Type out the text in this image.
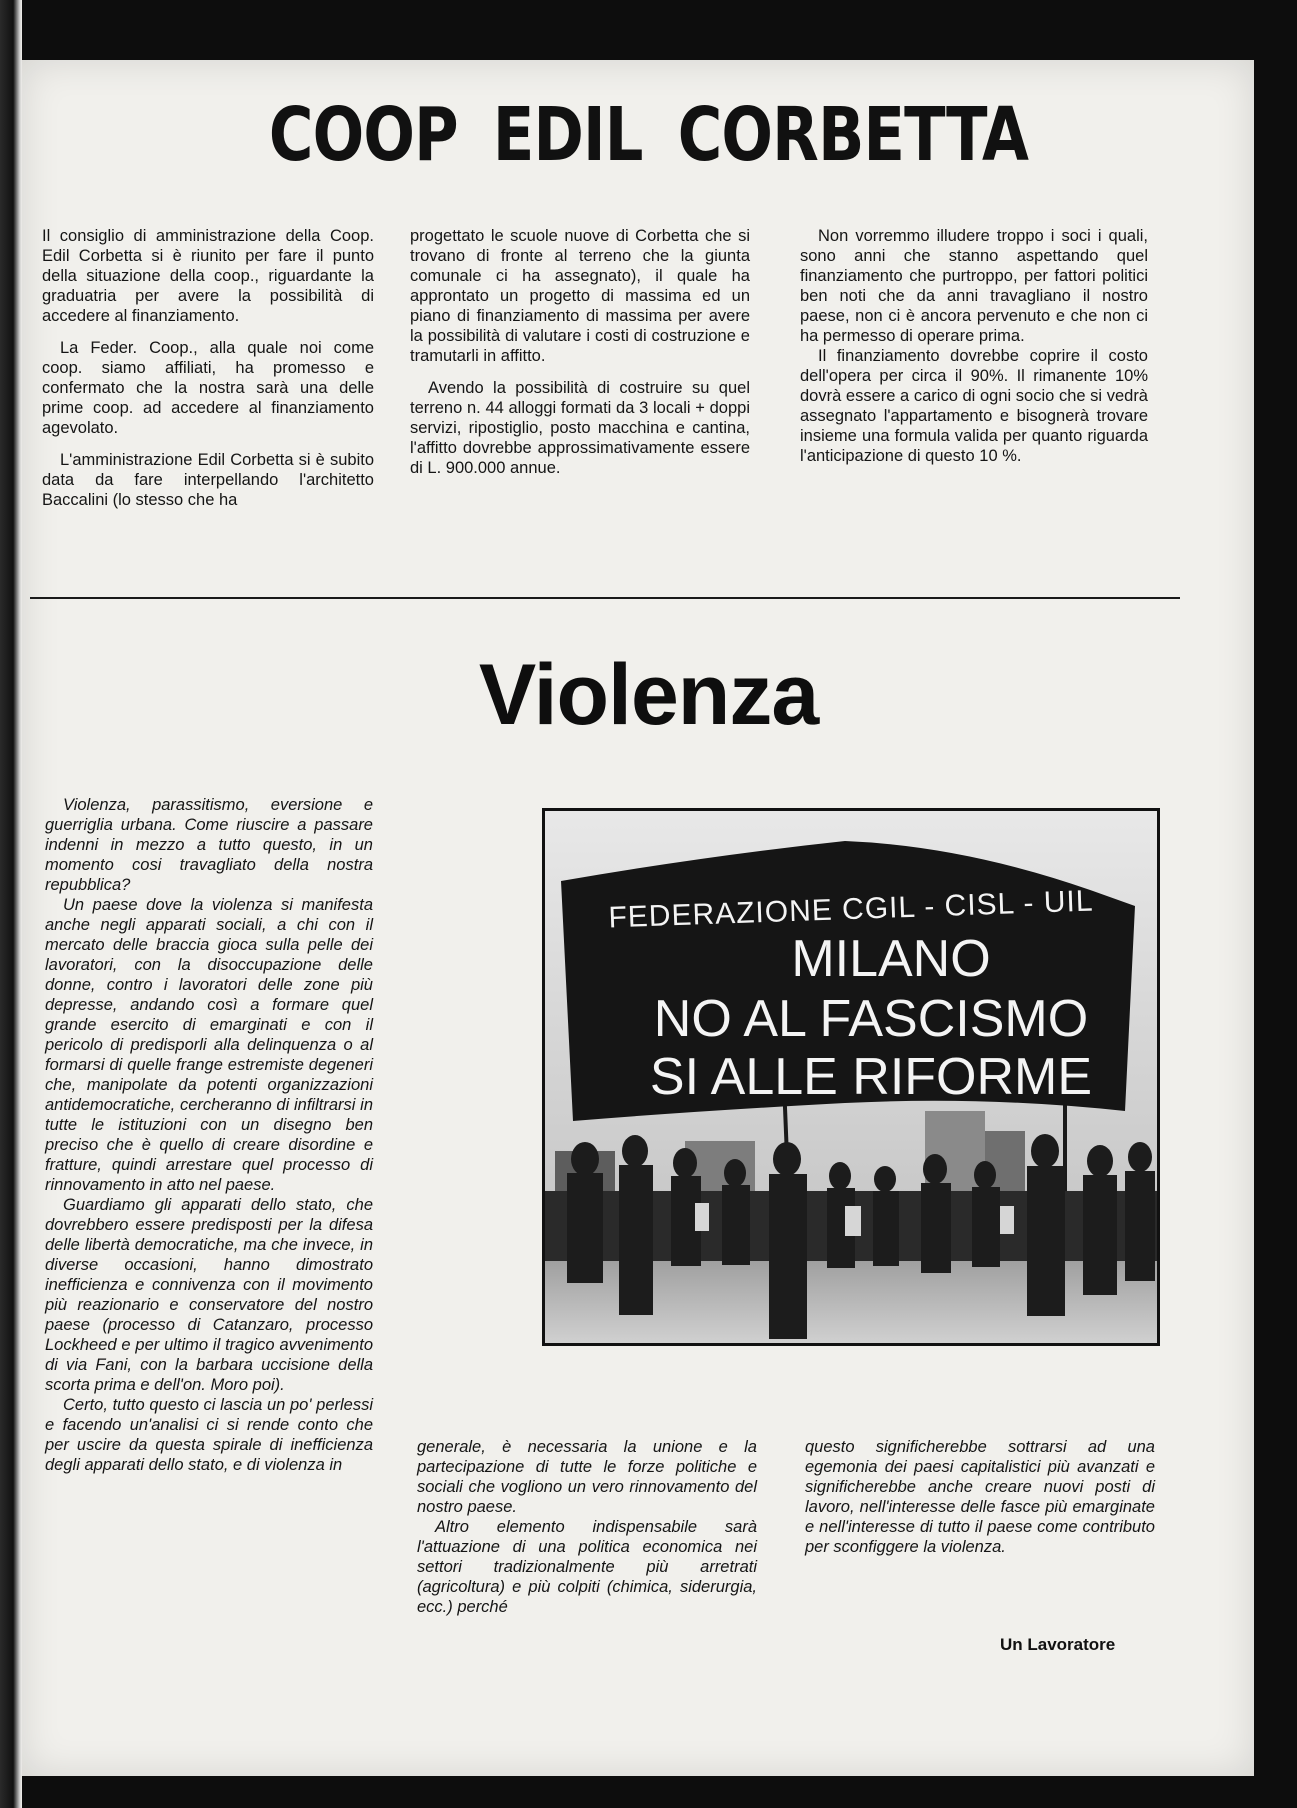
COOP EDIL CORBETTA

Il consiglio di amministrazione della Coop. Edil Corbetta si è riunito per fare il punto della situazione della coop., riguardante la graduatria per avere la possibilità di accedere al finanziamento.

La Feder. Coop., alla quale noi come coop. siamo affiliati, ha promesso e confermato che la nostra sarà una delle prime coop. ad accedere al finanziamento agevolato.

L'amministrazione Edil Corbetta si è subito data da fare interpellando l'architetto Baccalini (lo stesso che ha

progettato le scuole nuove di Corbetta che si trovano di fronte al terreno che la giunta comunale ci ha assegnato), il quale ha approntato un progetto di massima ed un piano di finanziamento di massima per avere la possibilità di valutare i costi di costruzione e tramutarli in affitto.

Avendo la possibilità di costruire su quel terreno n. 44 alloggi formati da 3 locali + doppi servizi, ripostiglio, posto macchina e cantina, l'affitto dovrebbe approssimativamente essere di L. 900.000 annue.

Non vorremmo illudere troppo i soci i quali, sono anni che stanno aspettando quel finanziamento che purtroppo, per fattori politici ben noti che da anni travagliano il nostro paese, non ci è ancora pervenuto e che non ci ha permesso di operare prima.

Il finanziamento dovrebbe coprire il costo dell'opera per circa il 90%. Il rimanente 10% dovrà essere a carico di ogni socio che si vedrà assegnato l'appartamento e bisognerà trovare insieme una formula valida per quanto riguarda l'anticipazione di questo 10 %.

Violenza

Violenza, parassitismo, eversione e guerriglia urbana. Come riuscire a passare indenni in mezzo a tutto questo, in un momento cosi travagliato della nostra repubblica?

Un paese dove la violenza si manifesta anche negli apparati sociali, a chi con il mercato delle braccia gioca sulla pelle dei lavoratori, con la disoccupazione delle donne, contro i lavoratori delle zone più depresse, andando così a formare quel grande esercito di emarginati e con il pericolo di predisporli alla delinquenza o al formarsi di quelle frange estremiste degeneri che, manipolate da potenti organizzazioni antidemocratiche, cercheranno di infiltrarsi in tutte le istituzioni con un disegno ben preciso che è quello di creare disordine e fratture, quindi arrestare quel processo di rinnovamento in atto nel paese.

Guardiamo gli apparati dello stato, che dovrebbero essere predisposti per la difesa delle libertà democratiche, ma che invece, in diverse occasioni, hanno dimostrato inefficienza e connivenza con il movimento più reazionario e conservatore del nostro paese (processo di Catanzaro, processo Lockheed e per ultimo il tragico avvenimento di via Fani, con la barbara uccisione della scorta prima e dell'on. Moro poi).

Certo, tutto questo ci lascia un po' perlessi e facendo un'analisi ci si rende conto che per uscire da questa spirale di inefficienza degli apparati dello stato, e di violenza in

generale, è necessaria la unione e la partecipazione di tutte le forze politiche e sociali che vogliono un vero rinnovamento del nostro paese.

Altro elemento indispensabile sarà l'attuazione di una politica economica nei settori tradizionalmente più arretrati (agricoltura) e più colpiti (chimica, siderurgia, ecc.) perché

questo significherebbe sottrarsi ad una egemonia dei paesi capitalistici più avanzati e significherebbe anche creare nuovi posti di lavoro, nell'interesse delle fasce più emarginate e nell'interesse di tutto il paese come contributo per sconfiggere la violenza.

Un Lavoratore
FEDERAZIONE CGIL - CISL - UIL
MILANO
NO AL FASCISMO
SI ALLE RIFORME
